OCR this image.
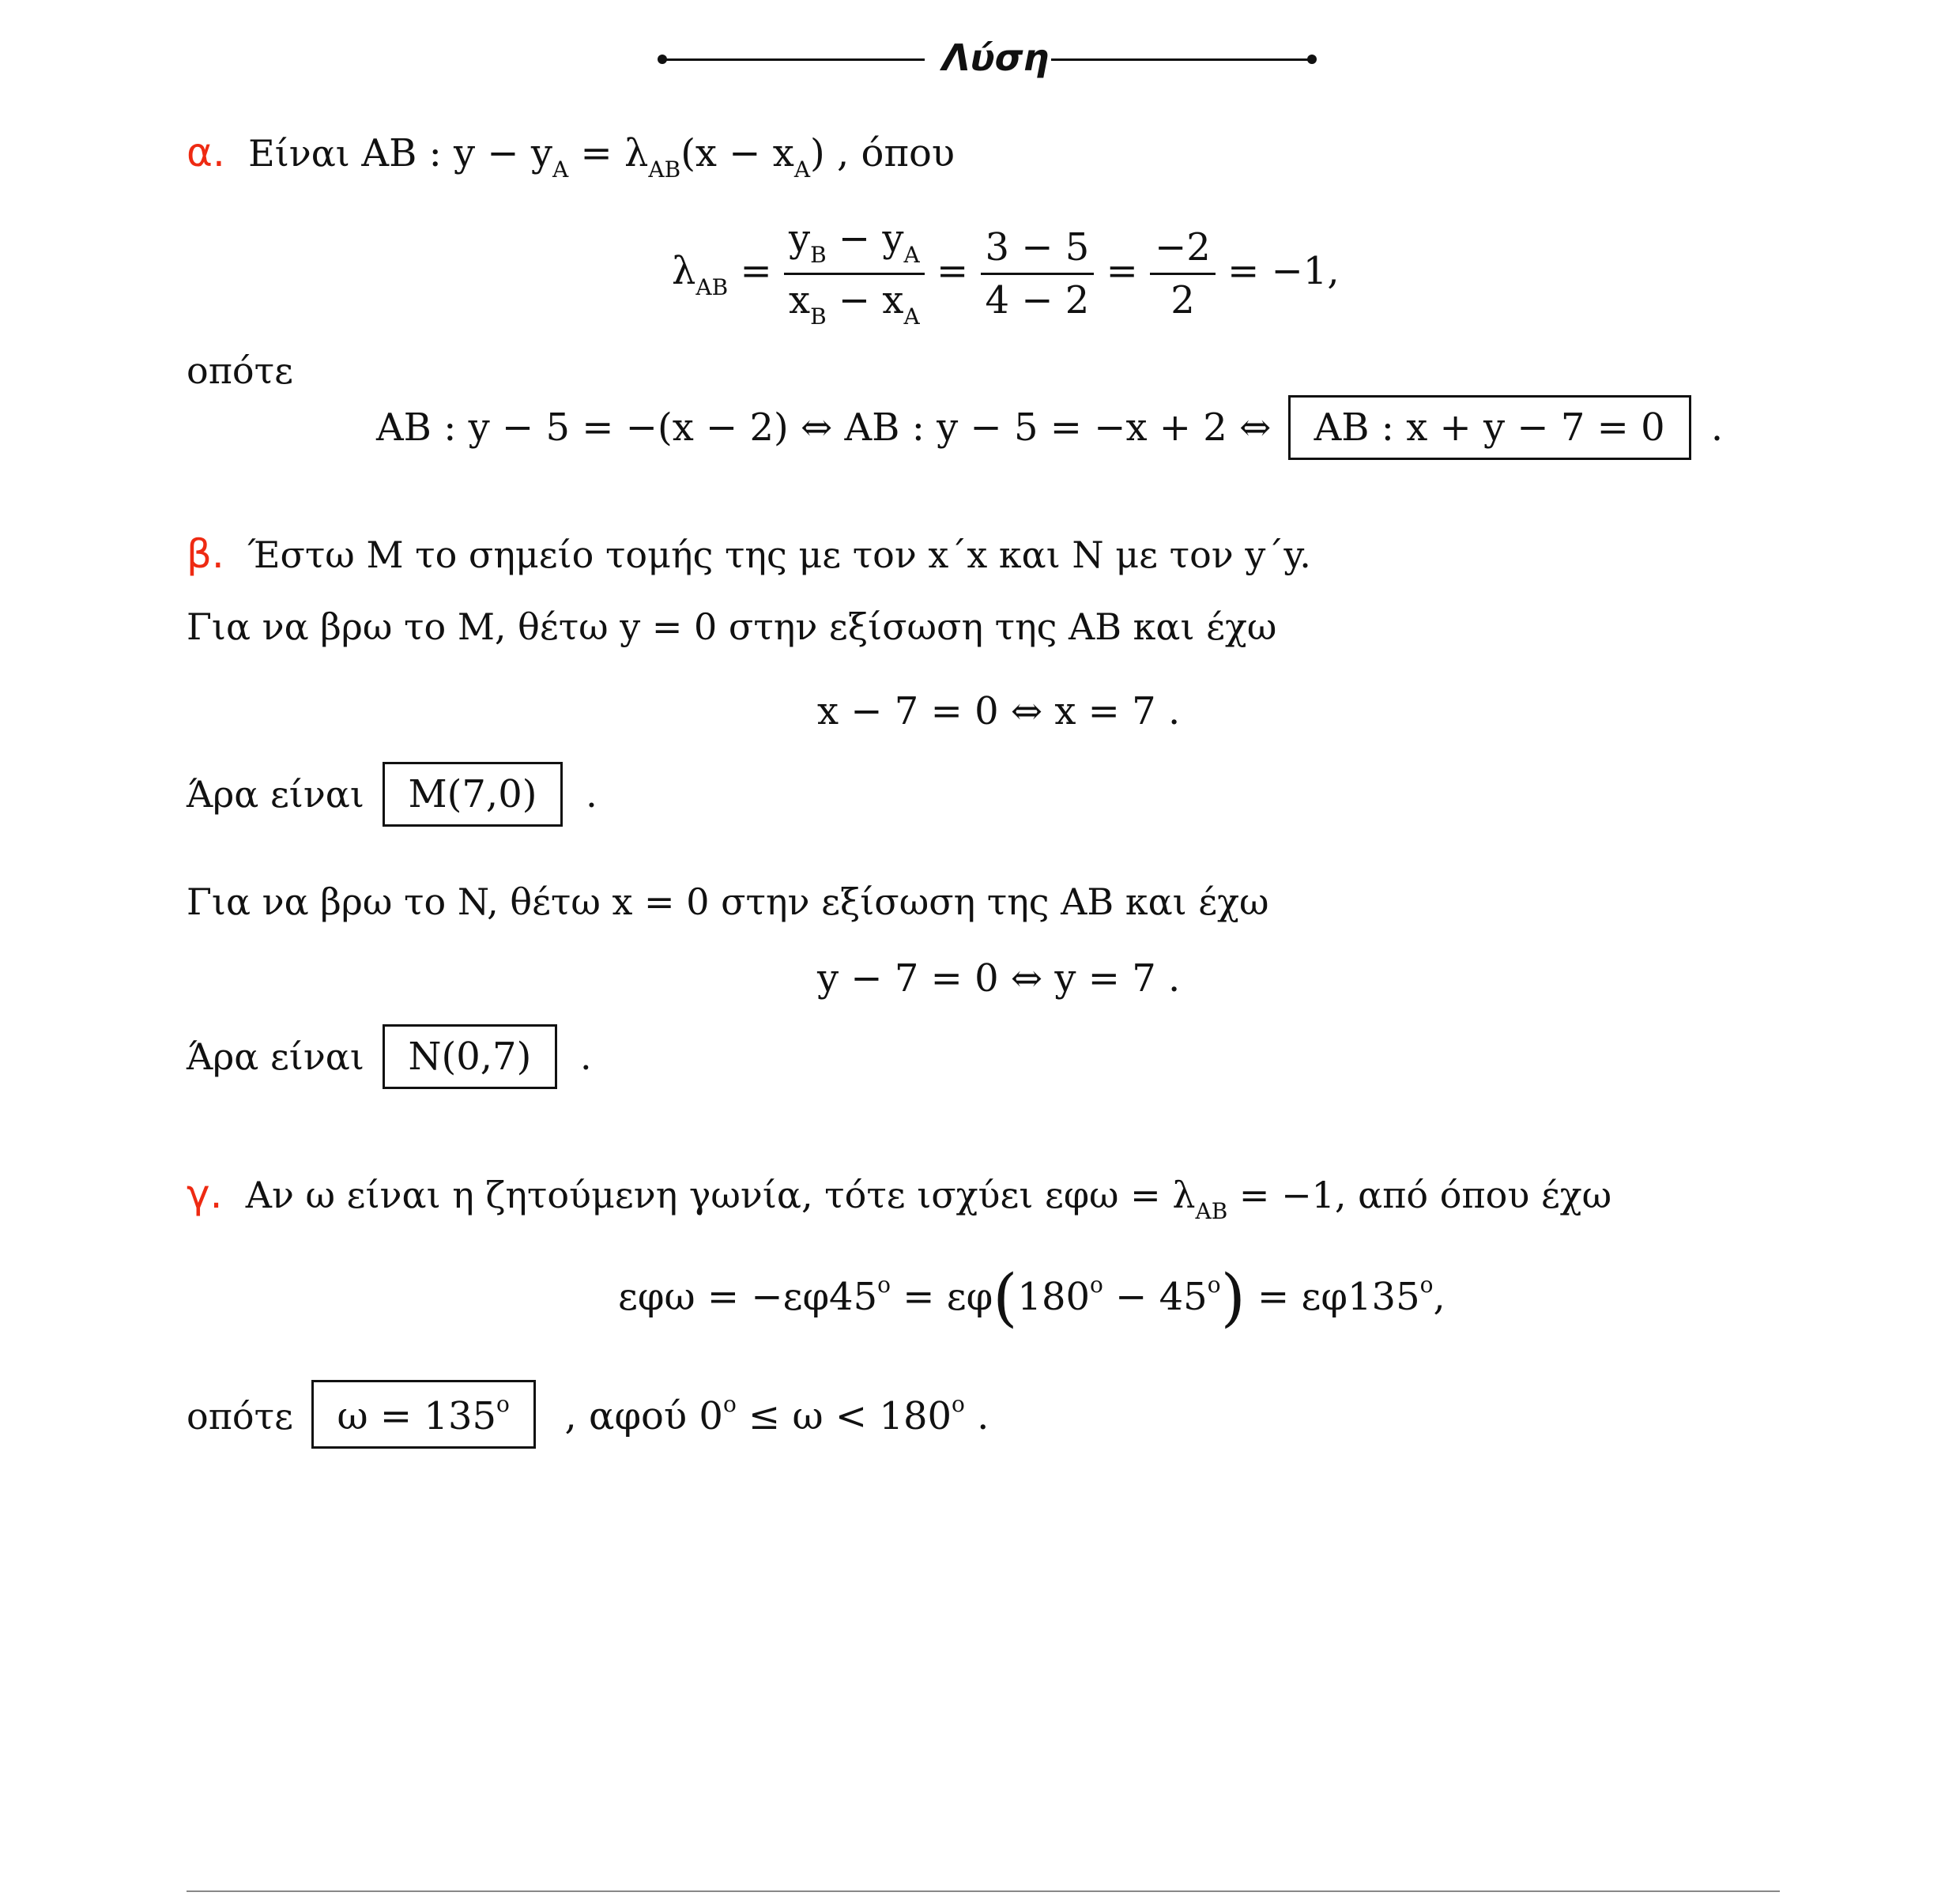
Λύση
α. Είναι AB : $y - y_A = \lambda_{AB}(x - x_A)$ , όπου
$\lambda_{AB} = \frac{y_B - y_A}{x_B - x_A} = \frac{3 - 5}{4 - 2} = \frac{-2}{2} = -1$,
οπότε
AB : y − 5 = −(x − 2) ⇔ AB : y − 5 = −x + 2 ⇔ AB : x + y − 7 = 0 .
β. Έστω M το σημείο τομής της με τον x΄x και N με τον y΄y.
Για να βρω το M, θέτω y = 0 στην εξίσωση της AB και έχω
x − 7 = 0 ⇔ x = 7 .
Άρα είναι M(7,0) .
Για να βρω το N, θέτω x = 0 στην εξίσωση της AB και έχω
y − 7 = 0 ⇔ y = 7 .
Άρα είναι N(0,7) .
γ. Αν ω είναι η ζητούμενη γωνία, τότε ισχύει $\varepsilon\varphi\omega = \lambda_{AB} = -1$, από όπου έχω
$\varepsilon\varphi\omega = -\varepsilon\varphi 45^o = \varepsilon\varphi(180^o - 45^o) = \varepsilon\varphi 135^o$,
οπότε $\omega = 135^o$ , αφού $0^o \le \omega < 180^o$ .
